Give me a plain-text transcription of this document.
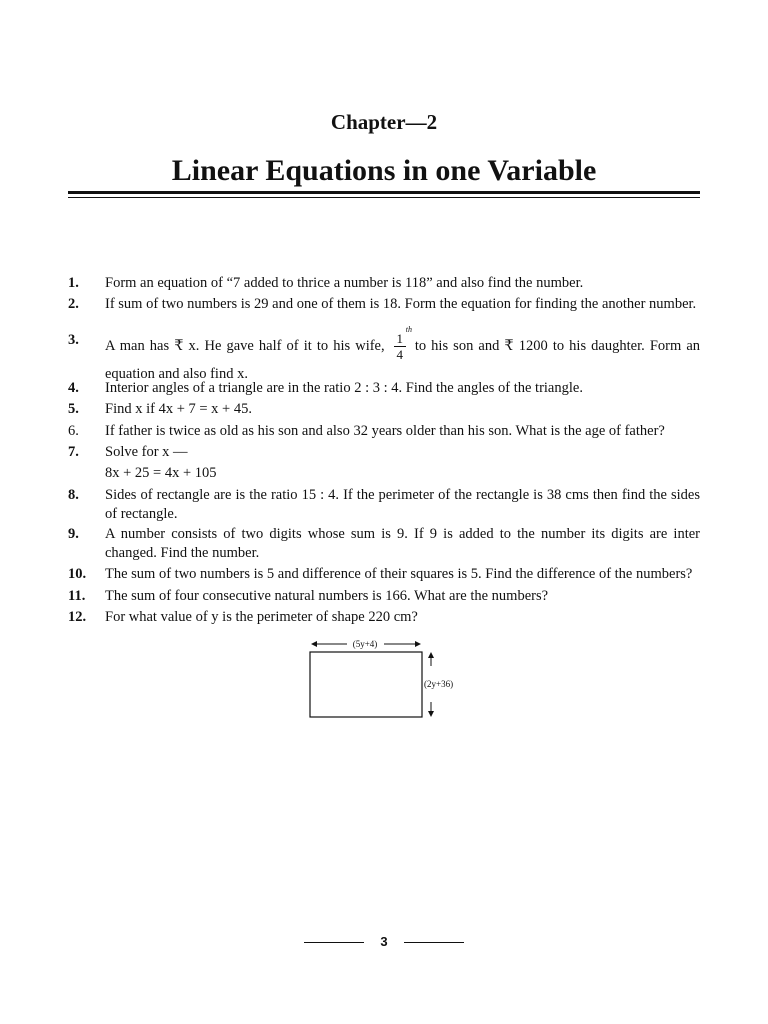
Chapter—2
Linear Equations in one Variable
1.	Form an equation of “7 added to thrice a number is 118” and also find the number.
2.	If sum of two numbers is 29 and one of them is 18. Form the equation for finding the another number.
3.	A man has ₹ x. He gave half of it to his wife,
th
1
4
to his son and ₹ 1200 to his daughter. Form an equation and also find x.
4.	Interior angles of a triangle are in the ratio 2 : 3 : 4. Find the angles of the triangle.
5.	Find x if 4x + 7 = x + 45.
6.	If father is twice as old as his son and also 32 years older than his son. What is the age of father?
7.	Solve for x —
8x + 25 = 4x + 105
8.	Sides of rectangle are is the ratio 15 : 4. If the perimeter of the rectangle is 38 cms then find the sides of rectangle.
9.	A number consists of two digits whose sum is 9. If 9 is added to the number its digits are inter changed. Find the number.
10.	The sum of two numbers is 5 and difference of their squares is 5. Find the difference of the numbers?
11.	The sum of four consecutive natural numbers is 166. What are the numbers?
12.	For what value of y is the perimeter of shape 220 cm?
(5y+4)
(2y+36)
3
